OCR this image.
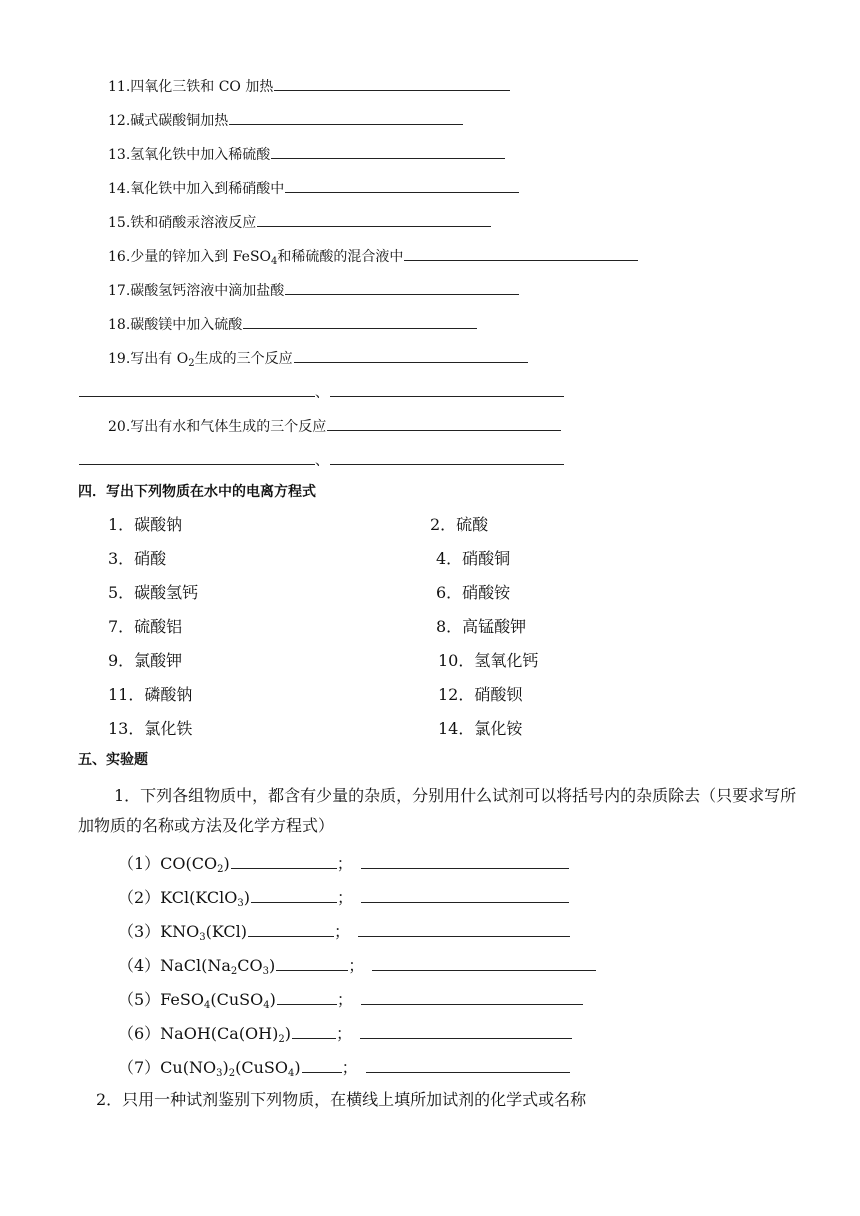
11.四氧化三铁和 CO 加热
12.碱式碳酸铜加热
13.氢氧化铁中加入稀硫酸
14.氧化铁中加入到稀硝酸中
15.铁和硝酸汞溶液反应
16.少量的锌加入到 FeSO$_4$和稀硫酸的混合液中
17.碳酸氢钙溶液中滴加盐酸
18.碳酸镁中加入硫酸
19.写出有 $O_2$生成的三个反应
、
20.写出有水和气体生成的三个反应
、
四．写出下列物质在水中的电离方程式
1．碳酸钠	2．硫酸
3．硝酸	4．硝酸铜
5．碳酸氢钙	6．硝酸铵
7．硫酸铝	8．高锰酸钾
9．氯酸钾	10．氢氧化钙
11．磷酸钠	12．硝酸钡
13．氯化铁	14．氯化铵
五、实验题
1．下列各组物质中，都含有少量的杂质，分别用什么试剂可以将括号内的杂质除去（只要求写所加物质的名称或方法及化学方程式）
$(1)CO(CO_2)$	；
（2）KCl(KClO$_3$)	；
$(3)KNO_3(KCl)$	；
$(4)NaCl(Na_2CO_3)$	；
（5）FeSO$_4$(CuSO$_4$)	；
$(6)NaOH(Ca(OH)_2)$	；
$(7)Cu(NO_3)_2(CuSO_4)$	；
2．只用一种试剂鉴别下列物质，在横线上填所加试剂的化学式或名称
